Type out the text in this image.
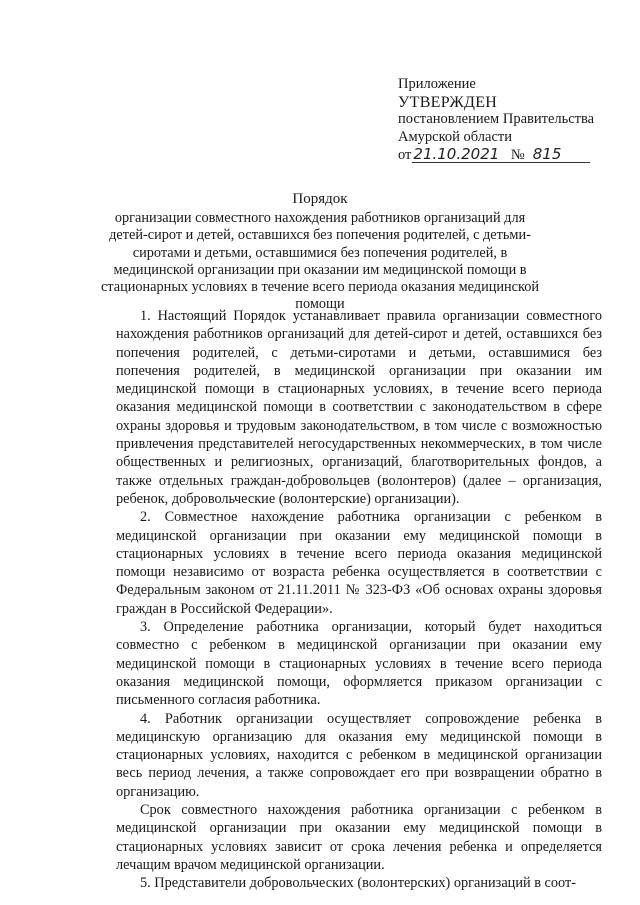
Приложение
УТВЕРЖДЕН
постановлением Правительства
Амурской области
от 21.10.2021 № 815
Порядок
организации совместного нахождения работников организаций для детей-сирот и детей, оставшихся без попечения родителей, с детьми-сиротами и детьми, оставшимися без попечения родителей, в медицинской организации при оказании им медицинской помощи в стационарных условиях в течение всего периода оказания медицинской помощи

1. Настоящий Порядок устанавливает правила организации совместного нахождения работников организаций для детей-сирот и детей, оставшихся без попечения родителей, с детьми-сиротами и детьми, оставшимися без попечения родителей, в медицинской организации при оказании им медицинской помощи в стационарных условиях, в течение всего периода оказания медицинской помощи в соответствии с законодательством в сфере охраны здоровья и трудовым законодательством, в том числе с возможностью привлечения представителей негосударственных некоммерческих, в том числе общественных и религиозных, организаций, благотворительных фондов, а также отдельных граждан-добровольцев (волонтеров) (далее – организация, ребенок, добровольческие (волонтерские) организации).

2. Совместное нахождение работника организации с ребенком в медицинской организации при оказании ему медицинской помощи в стационарных условиях в течение всего периода оказания медицинской помощи независимо от возраста ребенка осуществляется в соответствии с Федеральным законом от 21.11.2011 № 323-ФЗ «Об основах охраны здоровья граждан в Российской Федерации».

3. Определение работника организации, который будет находиться совместно с ребенком в медицинской организации при оказании ему медицинской помощи в стационарных условиях в течение всего периода оказания медицинской помощи, оформляется приказом организации с письменного согласия работника.

4. Работник организации осуществляет сопровождение ребенка в медицинскую организацию для оказания ему медицинской помощи в стационарных условиях, находится с ребенком в медицинской организации весь период лечения, а также сопровождает его при возвращении обратно в организацию.

Срок совместного нахождения работника организации с ребенком в медицинской организации при оказании ему медицинской помощи в стационарных условиях зависит от срока лечения ребенка и определяется лечащим врачом медицинской организации.

5. Представители добровольческих (волонтерских) организаций в соот-
